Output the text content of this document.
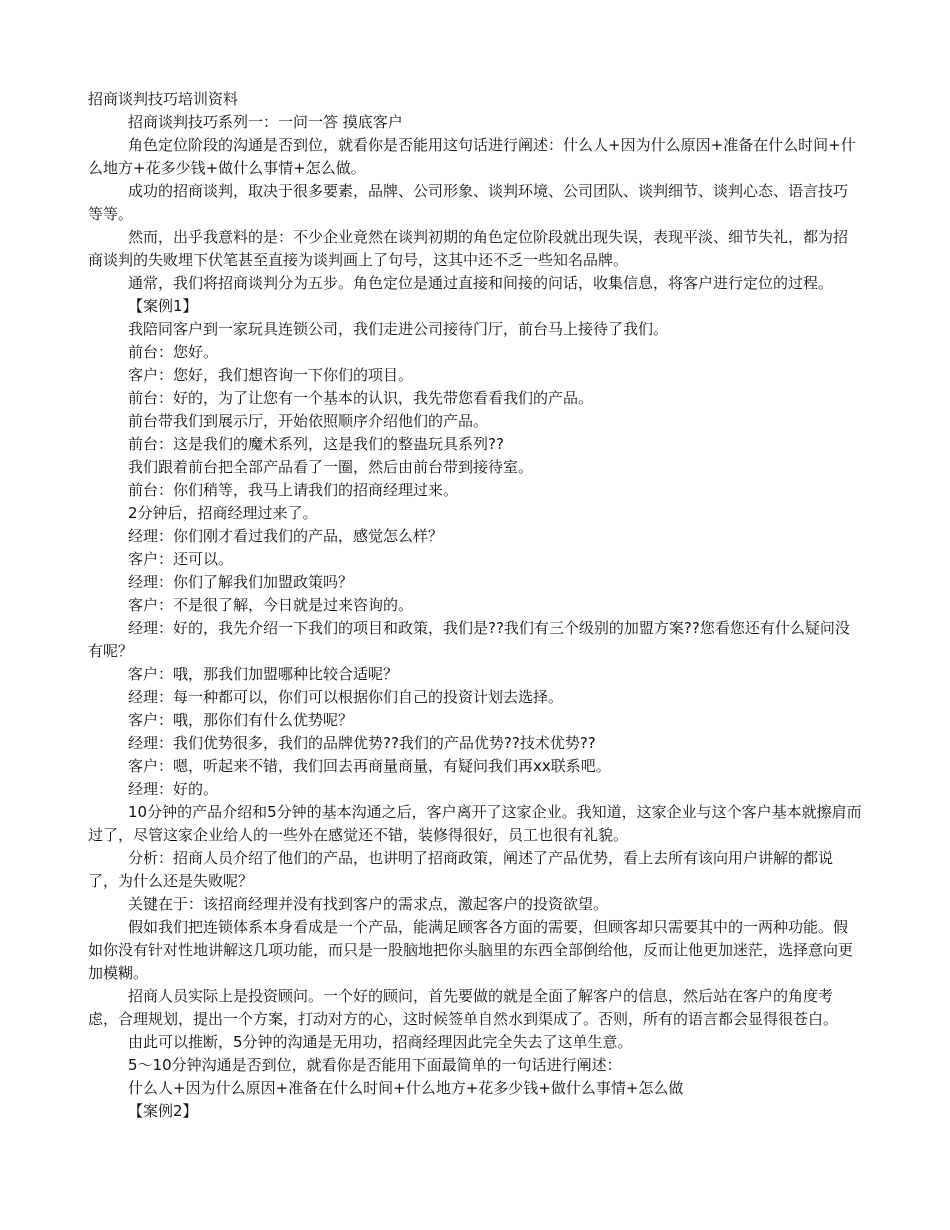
招商谈判技巧培训资料

招商谈判技巧系列一：一问一答 摸底客户

角色定位阶段的沟通是否到位，就看你是否能用这句话进行阐述：什么人+因为什么原因+准备在什么时间+什么地方+花多少钱+做什么事情+怎么做。

成功的招商谈判，取决于很多要素，品牌、公司形象、谈判环境、公司团队、谈判细节、谈判心态、语言技巧等等。

然而，出乎我意料的是：不少企业竟然在谈判初期的角色定位阶段就出现失误，表现平淡、细节失礼，都为招商谈判的失败埋下伏笔甚至直接为谈判画上了句号，这其中还不乏一些知名品牌。

通常，我们将招商谈判分为五步。角色定位是通过直接和间接的问话，收集信息，将客户进行定位的过程。

【案例1】

我陪同客户到一家玩具连锁公司，我们走进公司接待门厅，前台马上接待了我们。

前台：您好。

客户：您好，我们想咨询一下你们的项目。

前台：好的，为了让您有一个基本的认识，我先带您看看我们的产品。

前台带我们到展示厅，开始依照顺序介绍他们的产品。

前台：这是我们的魔术系列，这是我们的整蛊玩具系列??

我们跟着前台把全部产品看了一圈，然后由前台带到接待室。

前台：你们稍等，我马上请我们的招商经理过来。

2分钟后，招商经理过来了。

经理：你们刚才看过我们的产品，感觉怎么样？

客户：还可以。

经理：你们了解我们加盟政策吗？

客户：不是很了解，今日就是过来咨询的。

经理：好的，我先介绍一下我们的项目和政策，我们是??我们有三个级别的加盟方案??您看您还有什么疑问没有呢？

客户：哦，那我们加盟哪种比较合适呢？

经理：每一种都可以，你们可以根据你们自己的投资计划去选择。

客户：哦，那你们有什么优势呢？

经理：我们优势很多，我们的品牌优势??我们的产品优势??技术优势??

客户：嗯，听起来不错，我们回去再商量商量，有疑问我们再xx联系吧。

经理：好的。

10分钟的产品介绍和5分钟的基本沟通之后，客户离开了这家企业。我知道，这家企业与这个客户基本就擦肩而过了，尽管这家企业给人的一些外在感觉还不错，装修得很好，员工也很有礼貌。

分析：招商人员介绍了他们的产品，也讲明了招商政策，阐述了产品优势，看上去所有该向用户讲解的都说了，为什么还是失败呢？

关键在于：该招商经理并没有找到客户的需求点，激起客户的投资欲望。

假如我们把连锁体系本身看成是一个产品，能满足顾客各方面的需要，但顾客却只需要其中的一两种功能。假如你没有针对性地讲解这几项功能，而只是一股脑地把你头脑里的东西全部倒给他，反而让他更加迷茫，选择意向更加模糊。

招商人员实际上是投资顾问。一个好的顾问，首先要做的就是全面了解客户的信息，然后站在客户的角度考虑，合理规划，提出一个方案，打动对方的心，这时候签单自然水到渠成了。否则，所有的语言都会显得很苍白。

由此可以推断，5分钟的沟通是无用功，招商经理因此完全失去了这单生意。

5～10分钟沟通是否到位，就看你是否能用下面最简单的一句话进行阐述：

什么人+因为什么原因+准备在什么时间+什么地方+花多少钱+做什么事情+怎么做

【案例2】
